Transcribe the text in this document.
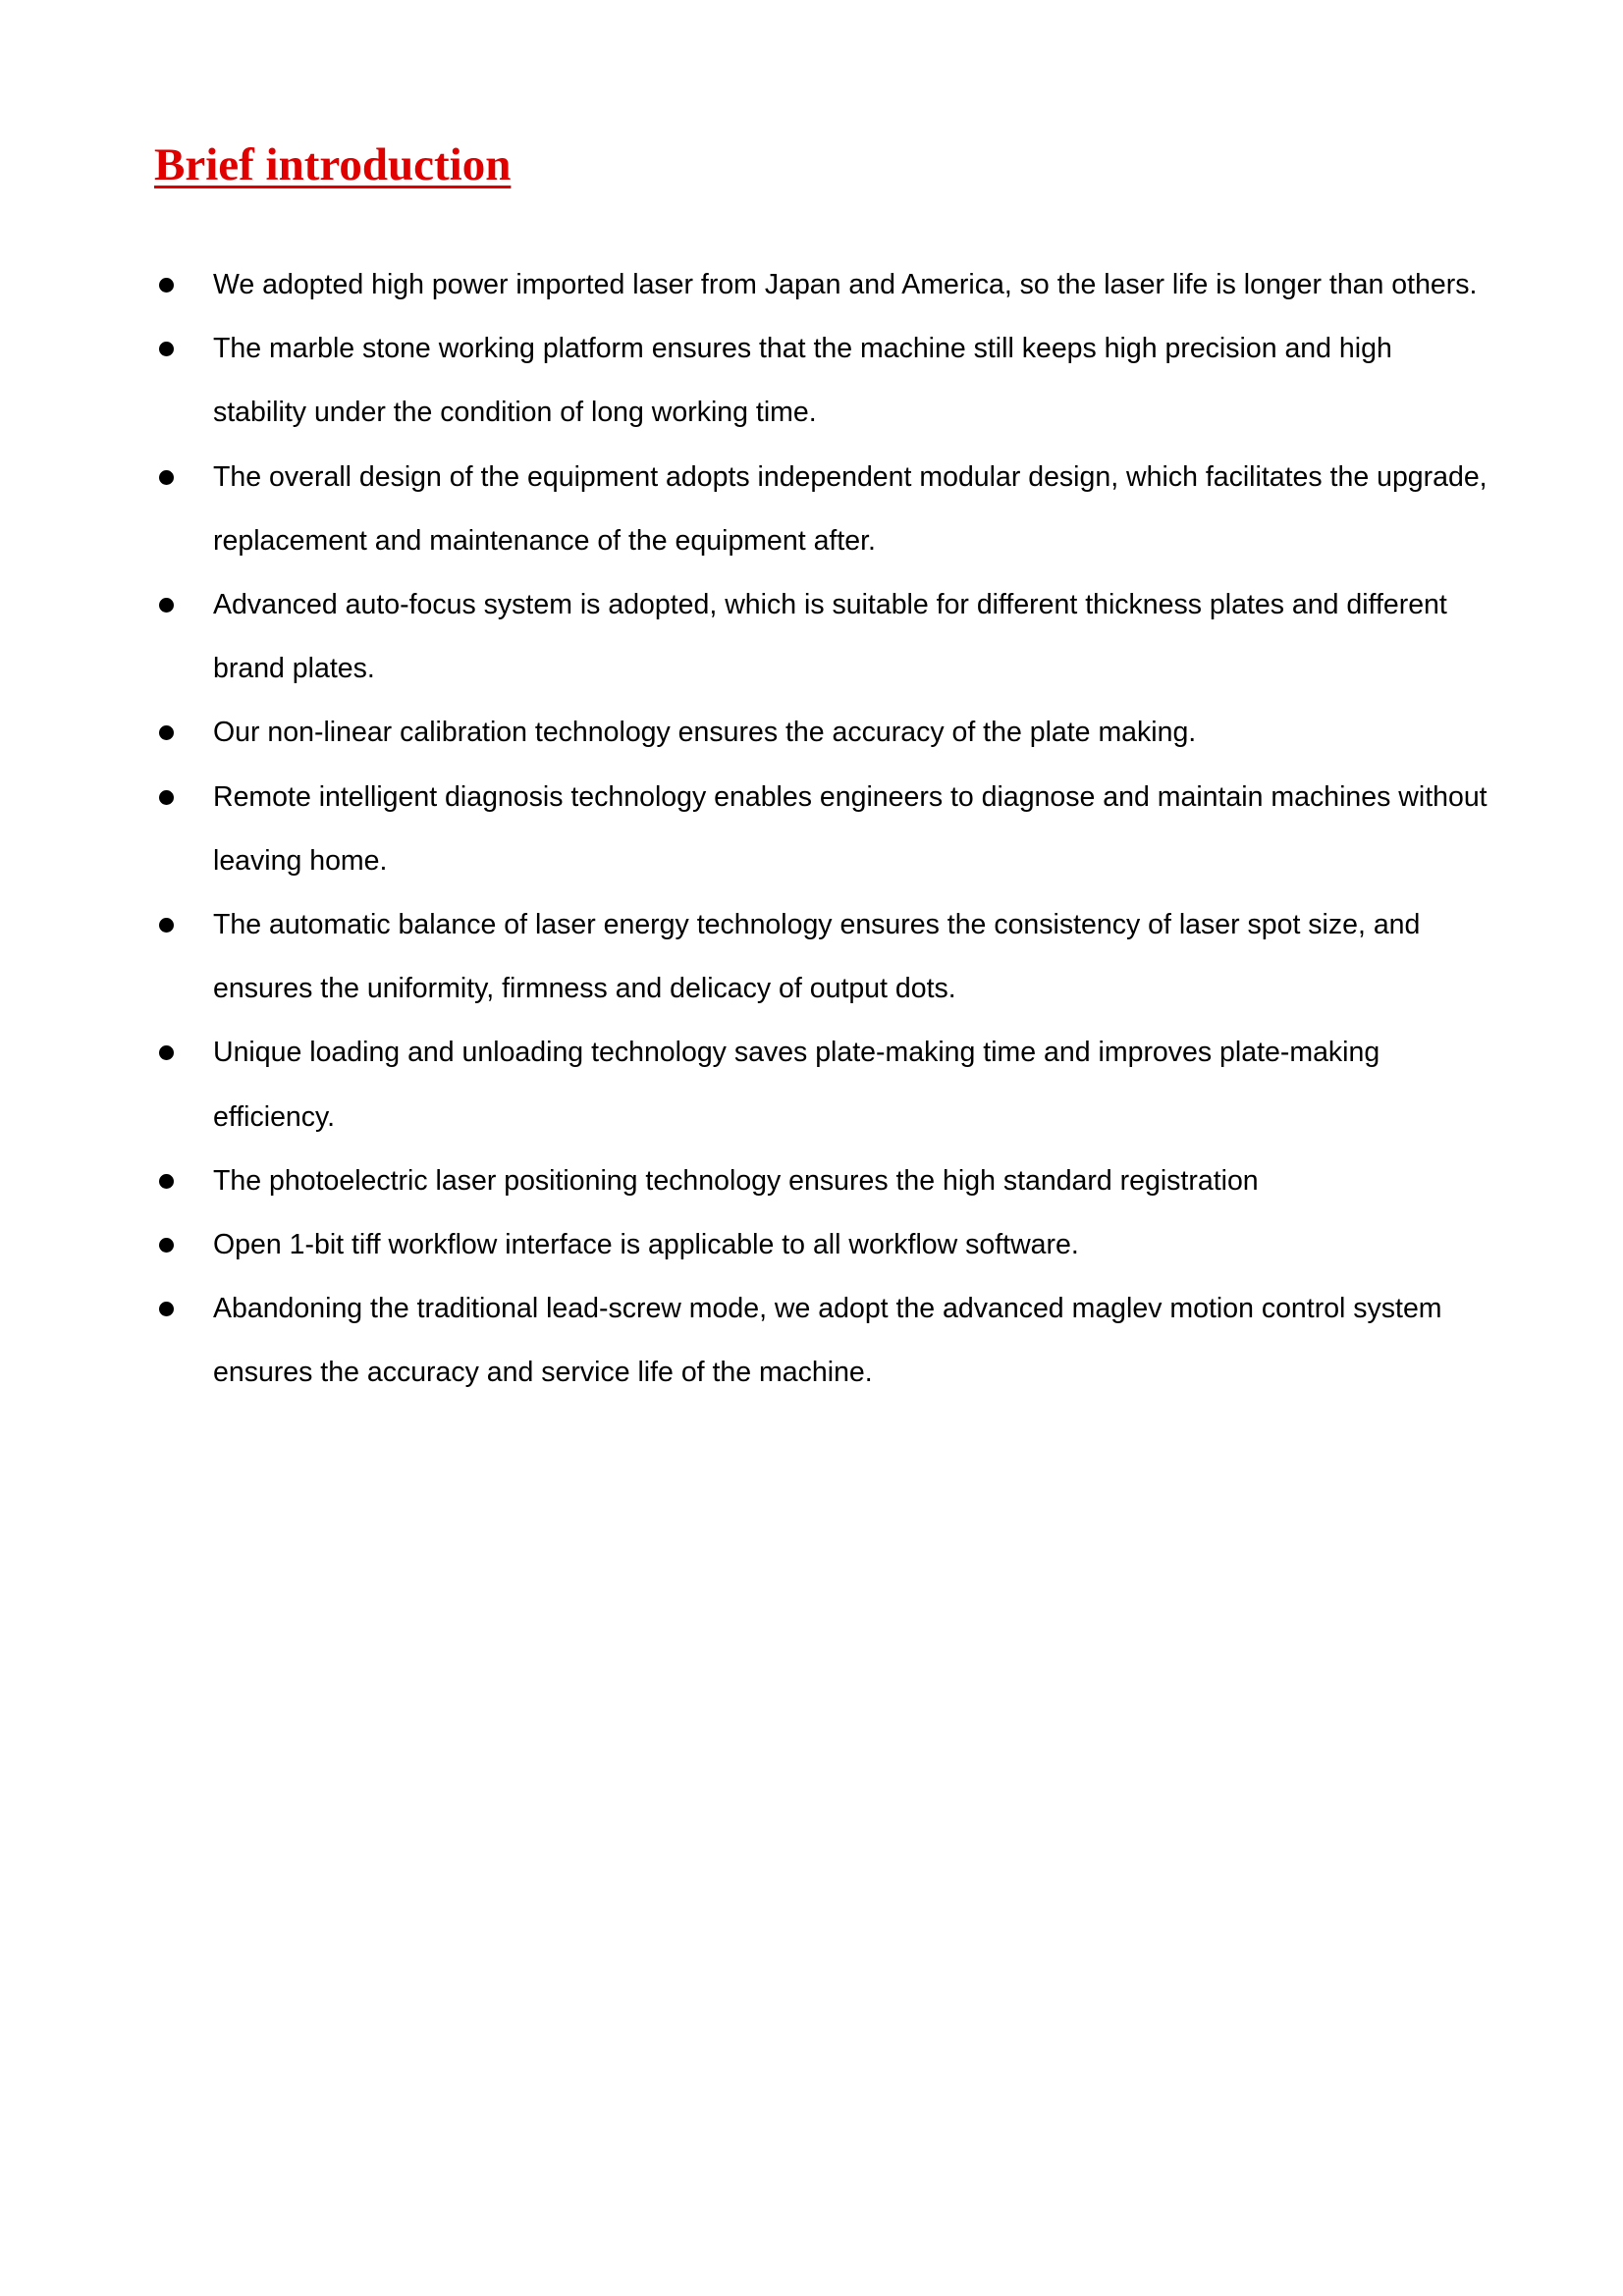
Brief introduction
We adopted high power imported laser from Japan and America, so the laser life is longer than others.
The marble stone working platform ensures that the machine still keeps high precision and high stability under the condition of long working time.
The overall design of the equipment adopts independent modular design, which facilitates the upgrade, replacement and maintenance of the equipment after.
Advanced auto-focus system is adopted, which is suitable for different thickness plates and different brand plates.
Our non-linear calibration technology ensures the accuracy of the plate making.
Remote intelligent diagnosis technology enables engineers to diagnose and maintain machines without leaving home.
The automatic balance of laser energy technology ensures the consistency of laser spot size, and ensures the uniformity, firmness and delicacy of output dots.
Unique loading and unloading technology saves plate-making time and improves plate-making efficiency.
The photoelectric laser positioning technology ensures the high standard registration
Open 1-bit tiff workflow interface is applicable to all workflow software.
Abandoning the traditional lead-screw mode, we adopt the advanced maglev motion control system ensures the accuracy and service life of the machine.
